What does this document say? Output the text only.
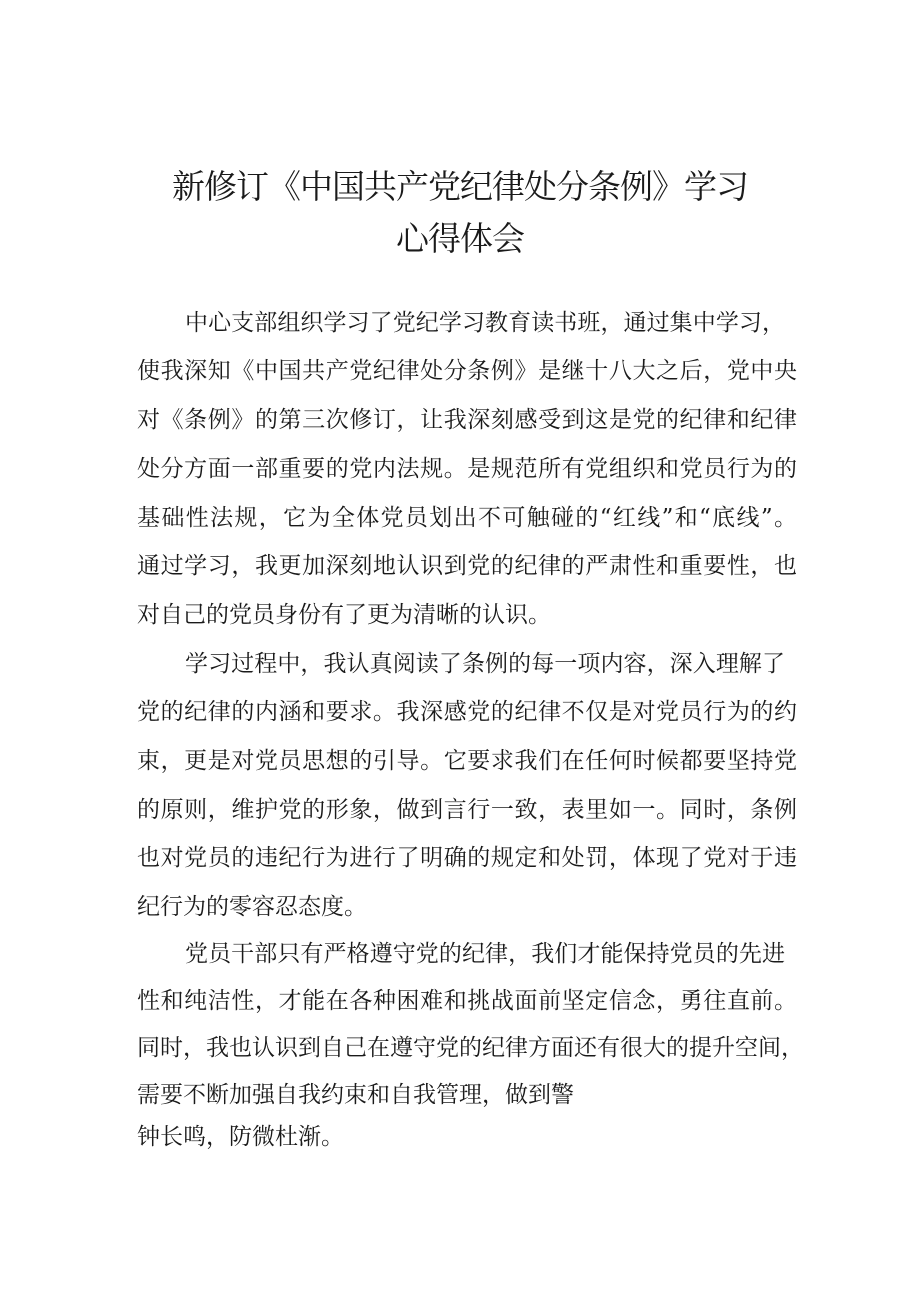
新修订《中国共产党纪律处分条例》学习
心得体会
中心支部组织学习了党纪学习教育读书班，通过集中学习，
使我深知《中国共产党纪律处分条例》是继十八大之后，党中央
对《条例》的第三次修订，让我深刻感受到这是党的纪律和纪律
处分方面一部重要的党内法规。是规范所有党组织和党员行为的
基础性法规，它为全体党员划出不可触碰的“红线”和“底线”。
通过学习，我更加深刻地认识到党的纪律的严肃性和重要性，也
对自己的党员身份有了更为清晰的认识。
学习过程中，我认真阅读了条例的每一项内容，深入理解了
党的纪律的内涵和要求。我深感党的纪律不仅是对党员行为的约
束，更是对党员思想的引导。它要求我们在任何时候都要坚持党
的原则，维护党的形象，做到言行一致，表里如一。同时，条例
也对党员的违纪行为进行了明确的规定和处罚，体现了党对于违
纪行为的零容忍态度。
党员干部只有严格遵守党的纪律，我们才能保持党员的先进
性和纯洁性，才能在各种困难和挑战面前坚定信念，勇往直前。
同时，我也认识到自己在遵守党的纪律方面还有很大的提升空间，
需要不断加强自我约束和自我管理，做到警
钟长鸣，防微杜渐。
